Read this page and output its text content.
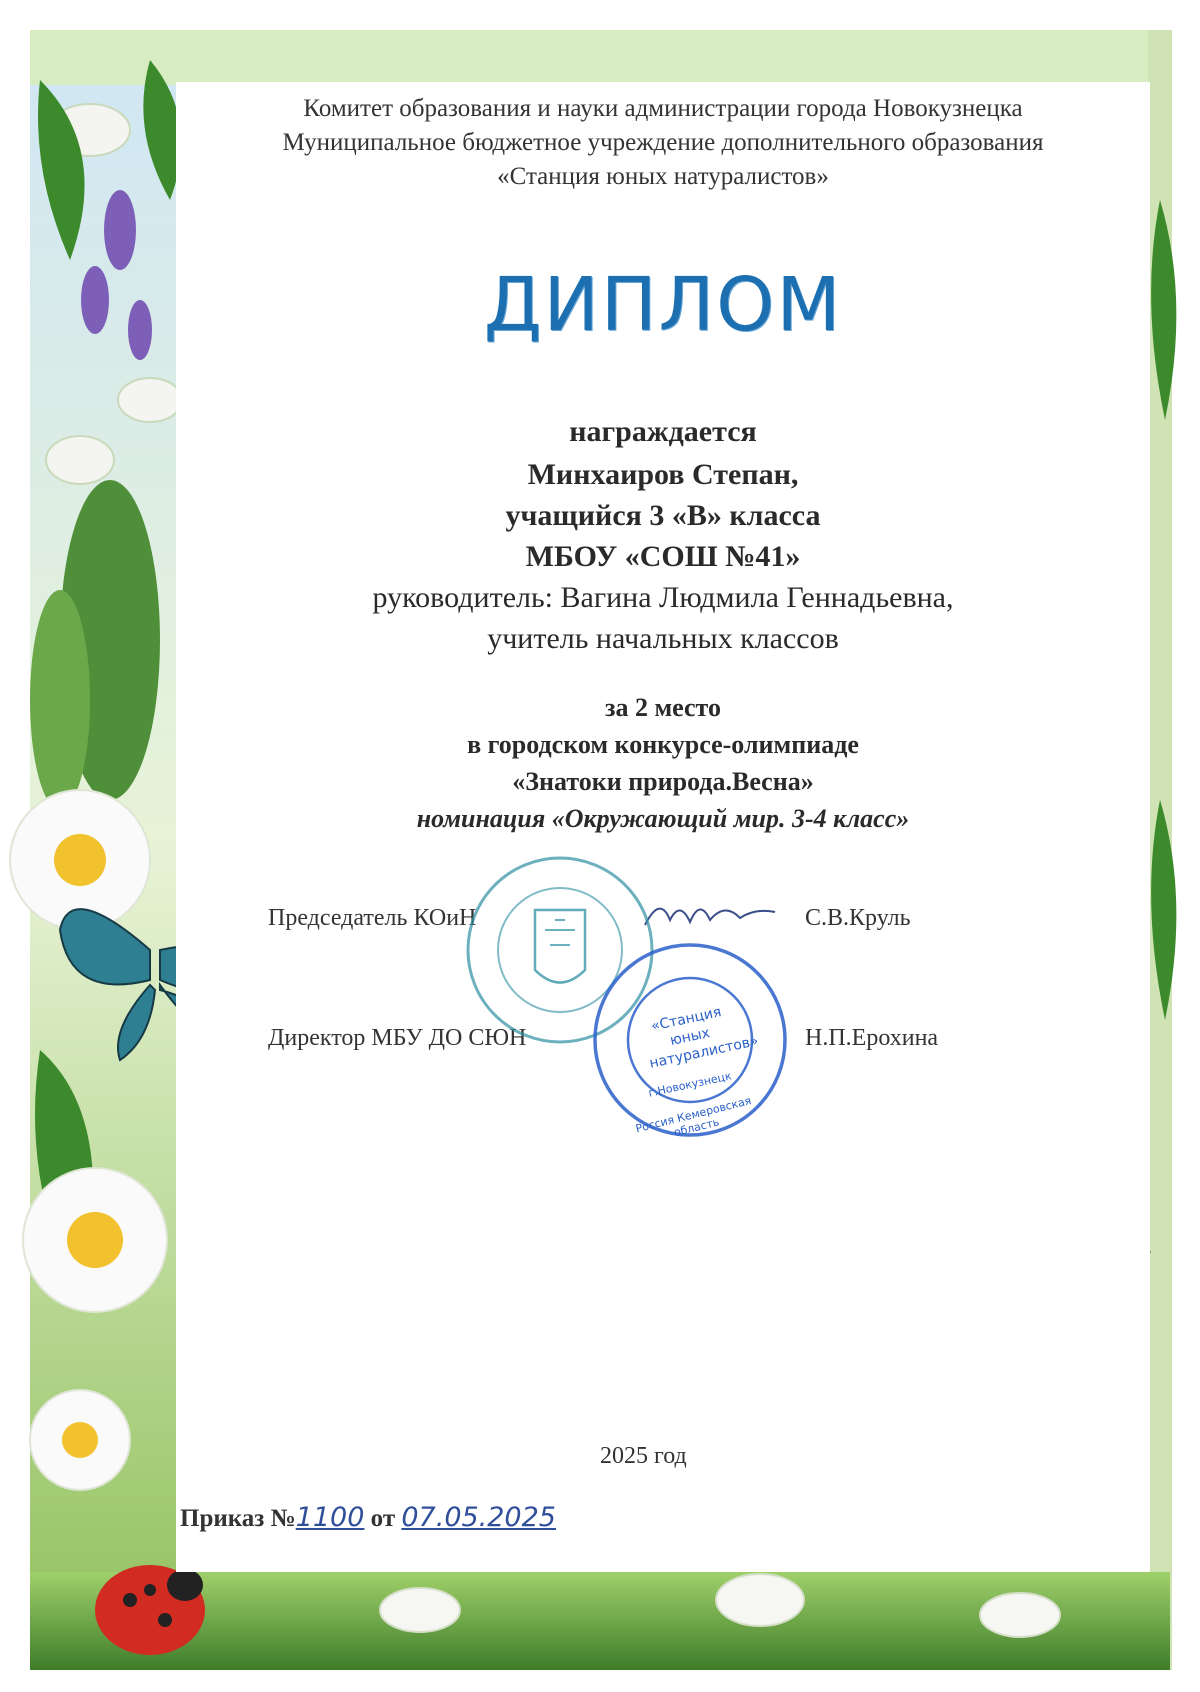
Комитет образования и науки администрации города Новокузнецка
Муниципальное бюджетное учреждение дополнительного образования
«Станция юных натуралистов»
ДИПЛОМ
награждается
Минхаиров Степан,
учащийся 3 «В» класса
МБОУ «СОШ №41»
руководитель: Вагина Людмила Геннадьевна,
учитель начальных классов
за 2 место
в городском конкурсе-олимпиаде
«Знатоки природа.Весна»
номинация «Окружающий мир. 3-4 класс»
Председатель КОиН	С.В.Круль
Директор МБУ ДО СЮН	Н.П.Ерохина
«Станция юных натуралистов»
г.Новокузнецк
Россия Кемеровская область
2025 год
Приказ №1100 от 07.05.2025
